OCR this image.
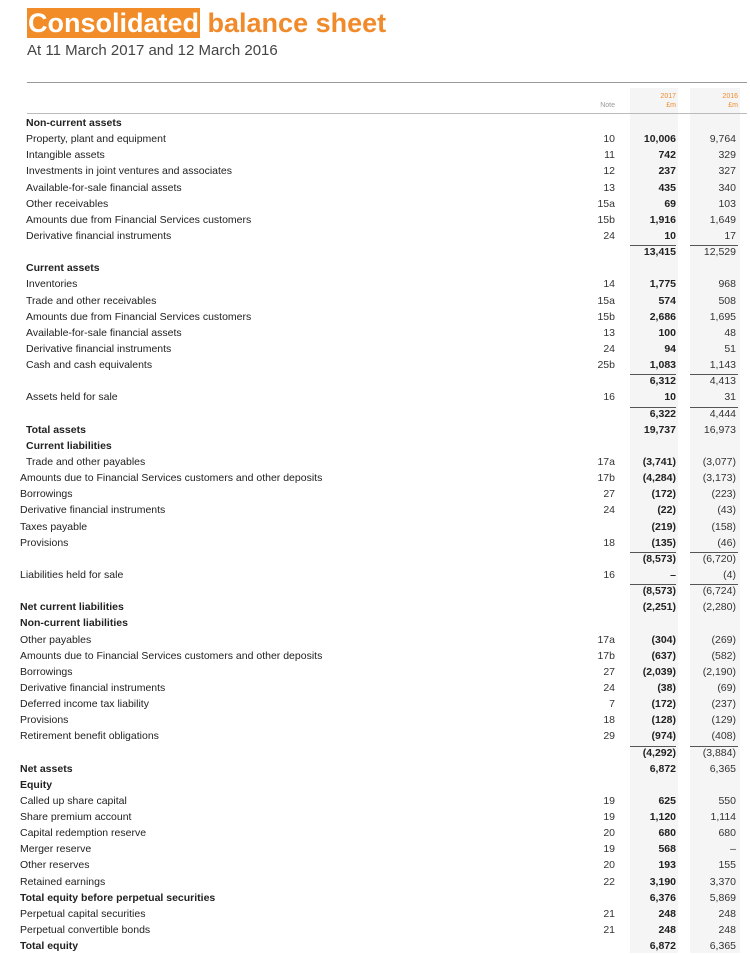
Consolidated balance sheet
At 11 March 2017 and 12 March 2016
Note
2017
£m
2016
£m
Non-current assets
Property, plant and equipment	10	10,006	9,764
Intangible assets	11	742	329
Investments in joint ventures and associates	12	237	327
Available-for-sale financial assets	13	435	340
Other receivables	15a	69	103
Amounts due from Financial Services customers	15b	1,916	1,649
Derivative financial instruments	24	10	17
13,415	12,529
Current assets
Inventories	14	1,775	968
Trade and other receivables	15a	574	508
Amounts due from Financial Services customers	15b	2,686	1,695
Available-for-sale financial assets	13	100	48
Derivative financial instruments	24	94	51
Cash and cash equivalents	25b	1,083	1,143
6,312	4,413
Assets held for sale	16	10	31
6,322	4,444
Total assets	19,737	16,973
Current liabilities
Trade and other payables	17a	(3,741)	(3,077)
Amounts due to Financial Services customers and other deposits	17b	(4,284)	(3,173)
Borrowings	27	(172)	(223)
Derivative financial instruments	24	(22)	(43)
Taxes payable	(219)	(158)
Provisions	18	(135)	(46)
(8,573)	(6,720)
Liabilities held for sale	16	–	(4)
(8,573)	(6,724)
Net current liabilities	(2,251)	(2,280)
Non-current liabilities
Other payables	17a	(304)	(269)
Amounts due to Financial Services customers and other deposits	17b	(637)	(582)
Borrowings	27	(2,039)	(2,190)
Derivative financial instruments	24	(38)	(69)
Deferred income tax liability	7	(172)	(237)
Provisions	18	(128)	(129)
Retirement benefit obligations	29	(974)	(408)
(4,292)	(3,884)
Net assets	6,872	6,365
Equity
Called up share capital	19	625	550
Share premium account	19	1,120	1,114
Capital redemption reserve	20	680	680
Merger reserve	19	568	–
Other reserves	20	193	155
Retained earnings	22	3,190	3,370
Total equity before perpetual securities	6,376	5,869
Perpetual capital securities	21	248	248
Perpetual convertible bonds	21	248	248
Total equity	6,872	6,365
